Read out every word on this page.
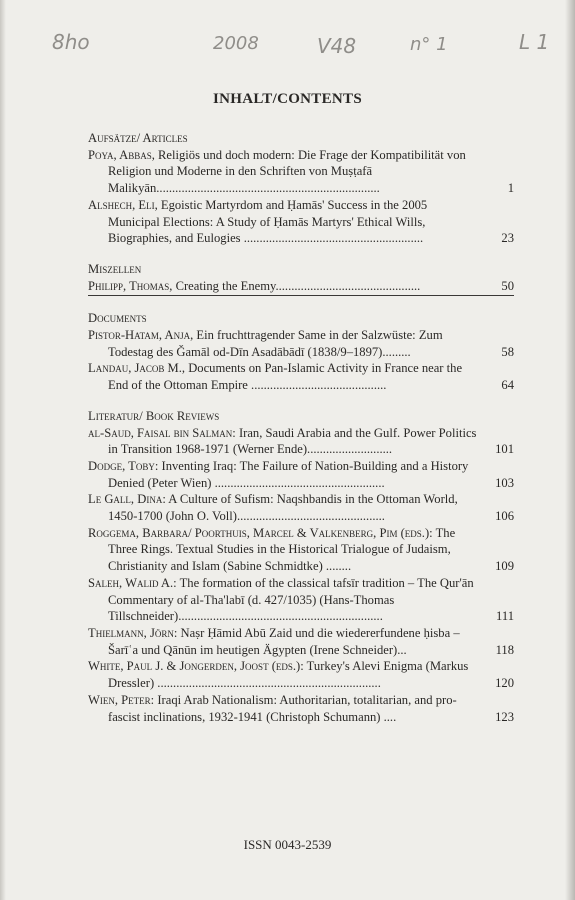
8ho	2008	V48	n° 1	L 1
INHALT/CONTENTS
Aufsätze/ Articles
Poya, Abbas, Religiös und doch modern: Die Frage der Kompatibilität von Religion und Moderne in den Schriften von Muṣṭafā Malikyān.......................................................................	1
Alshech, Eli, Egoistic Martyrdom and Ḥamās' Success in the 2005 Municipal Elections: A Study of Ḥamās Martyrs' Ethical Wills, Biographies, and Eulogies .........................................................	23
Miszellen
Philipp, Thomas, Creating the Enemy..............................................	50
Documents
Pistor-Hatam, Anja, Ein fruchttragender Same in der Salzwüste: Zum Todestag des Ǧamāl od-Dīn Asadābādī (1838/9–1897).........	58
Landau, Jacob M., Documents on Pan-Islamic Activity in France near the End of the Ottoman Empire ...........................................	64
Literatur/ Book Reviews
al-Saud, Faisal bin Salman: Iran, Saudi Arabia and the Gulf. Power Politics in Transition 1968-1971 (Werner Ende)...........................	101
Dodge, Toby: Inventing Iraq: The Failure of Nation-Building and a History Denied (Peter Wien) ......................................................	103
Le Gall, Dina: A Culture of Sufism: Naqshbandis in the Ottoman World, 1450-1700 (John O. Voll)...............................................	106
Roggema, Barbara/ Poorthuis, Marcel & Valkenberg, Pim (eds.): The Three Rings. Textual Studies in the Historical Trialogue of Judaism, Christianity and Islam (Sabine Schmidtke) ........	109
Saleh, Walid A.: The formation of the classical tafsīr tradition – The Qur'ān Commentary of al-Tha'labī (d. 427/1035) (Hans-Thomas Tillschneider).................................................................	111
Thielmann, Jörn: Naṣr Ḥāmid Abū Zaid und die wiedererfundene ḥisba – Šarīʿa und Qānūn im heutigen Ägypten (Irene Schneider)...	118
White, Paul J. & Jongerden, Joost (eds.): Turkey's Alevi Enigma (Markus Dressler) .......................................................................	120
Wien, Peter: Iraqi Arab Nationalism: Authoritarian, totalitarian, and pro-fascist inclinations, 1932-1941 (Christoph Schumann) ....	123
ISSN 0043-2539
